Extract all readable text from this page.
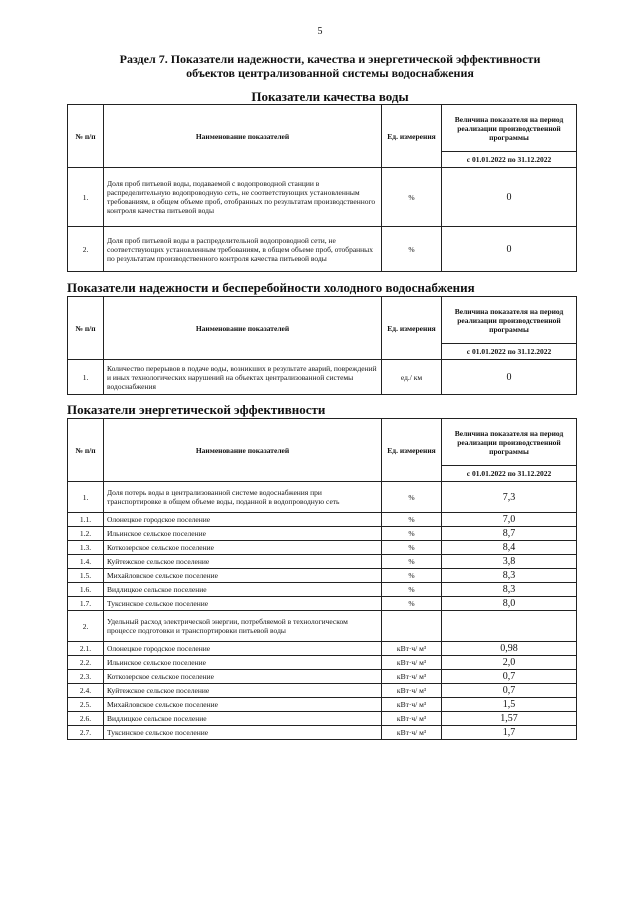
5
Раздел 7. Показатели надежности, качества и энергетической эффективности
объектов централизованной системы водоснабжения
Показатели качества воды
№ п/п	Наименование показателей	Ед. измерения	Величина показателя на период реализации производственной программы
			с 01.01.2022 по 31.12.2022
1.	Доля проб питьевой воды, подаваемой с водопроводной станции в распределительную водопроводную сеть, не соответствующих установленным требованиям, в общем объеме проб, отобранных по результатам производственного контроля качества питьевой воды	%	0
2.	Доля проб питьевой воды в распределительной водопроводной сети, не соответствующих установленным требованиям, в общем объеме проб, отобранных по результатам производственного контроля качества питьевой воды	%	0
Показатели надежности и бесперебойности холодного водоснабжения
№ п/п	Наименование показателей	Ед. измерения	Величина показателя на период реализации производственной программы
			с 01.01.2022 по 31.12.2022
1.	Количество перерывов в подаче воды, возникших в результате аварий, повреждений и иных технологических нарушений на объектах централизованной системы водоснабжения	ед./ км	0
Показатели энергетической эффективности
№ п/п	Наименование показателей	Ед. измерения	Величина показателя на период реализации производственной программы
			с 01.01.2022 по 31.12.2022
1.	Доля потерь воды в централизованной системе водоснабжения при транспортировке в общем объеме воды, поданной в водопроводную сеть	%	7,3
1.1.	Олонецкое городское поселение	%	7,0
1.2.	Ильинское сельское поселение	%	8,7
1.3.	Коткозерское сельское поселение	%	8,4
1.4.	Куйтежское сельское поселение	%	3,8
1.5.	Михайловское сельское поселение	%	8,3
1.6.	Видлицкое сельское поселение	%	8,3
1.7.	Туксинское сельское поселение	%	8,0
2.	Удельный расход электрической энергии, потребляемой в технологическом процессе подготовки и транспортировки питьевой воды		
2.1.	Олонецкое городское поселение	кВт·ч/ м³	0,98
2.2.	Ильинское сельское поселение	кВт·ч/ м³	2,0
2.3.	Коткозерское сельское поселение	кВт·ч/ м³	0,7
2.4.	Куйтежское сельское поселение	кВт·ч/ м³	0,7
2.5.	Михайловское сельское поселение	кВт·ч/ м³	1,5
2.6.	Видлицкое сельское поселение	кВт·ч/ м³	1,57
2.7.	Туксинское сельское поселение	кВт·ч/ м³	1,7
